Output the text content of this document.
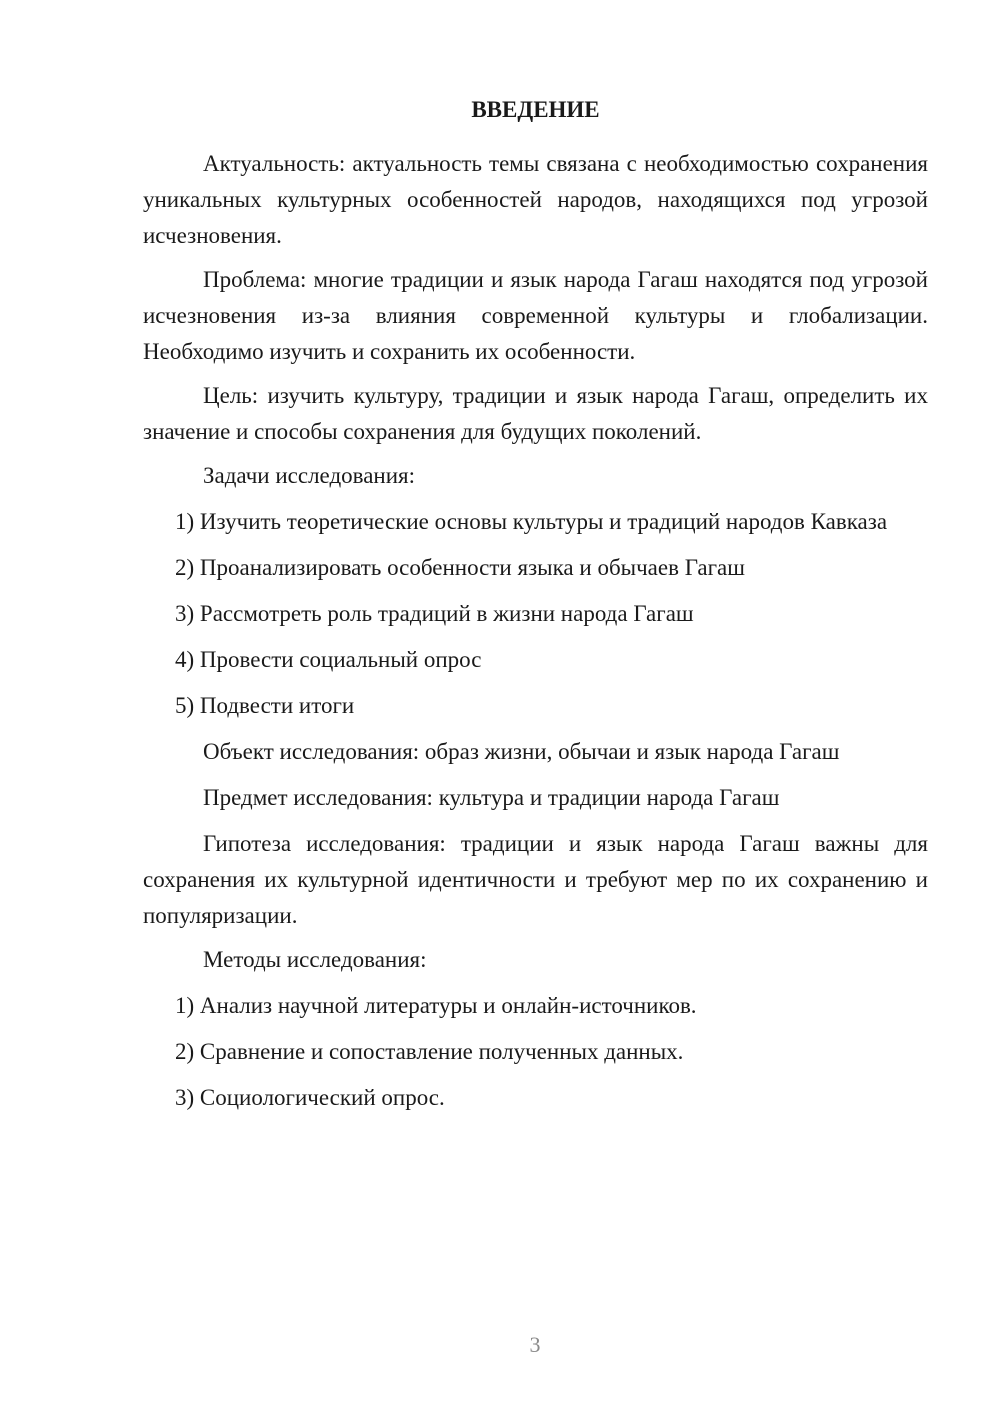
ВВЕДЕНИЕ

Актуальность: актуальность темы связана с необходимостью сохранения уникальных культурных особенностей народов, находящихся под угрозой исчезновения.

Проблема: многие традиции и язык народа Гагаш находятся под угрозой исчезновения из-за влияния современной культуры и глобализации. Необходимо изучить и сохранить их особенности.

Цель: изучить культуру, традиции и язык народа Гагаш, определить их значение и способы сохранения для будущих поколений.

Задачи исследования:

1) Изучить теоретические основы культуры и традиций народов Кавказа

2) Проанализировать особенности языка и обычаев Гагаш

3) Рассмотреть роль традиций в жизни народа Гагаш

4) Провести социальный опрос

5) Подвести итоги

Объект исследования: образ жизни, обычаи и язык народа Гагаш

Предмет исследования: культура и традиции народа Гагаш

Гипотеза исследования: традиции и язык народа Гагаш важны для сохранения их культурной идентичности и требуют мер по их сохранению и популяризации.

Методы исследования:

1) Анализ научной литературы и онлайн-источников.

2) Сравнение и сопоставление полученных данных.

3) Социологический опрос.

3
